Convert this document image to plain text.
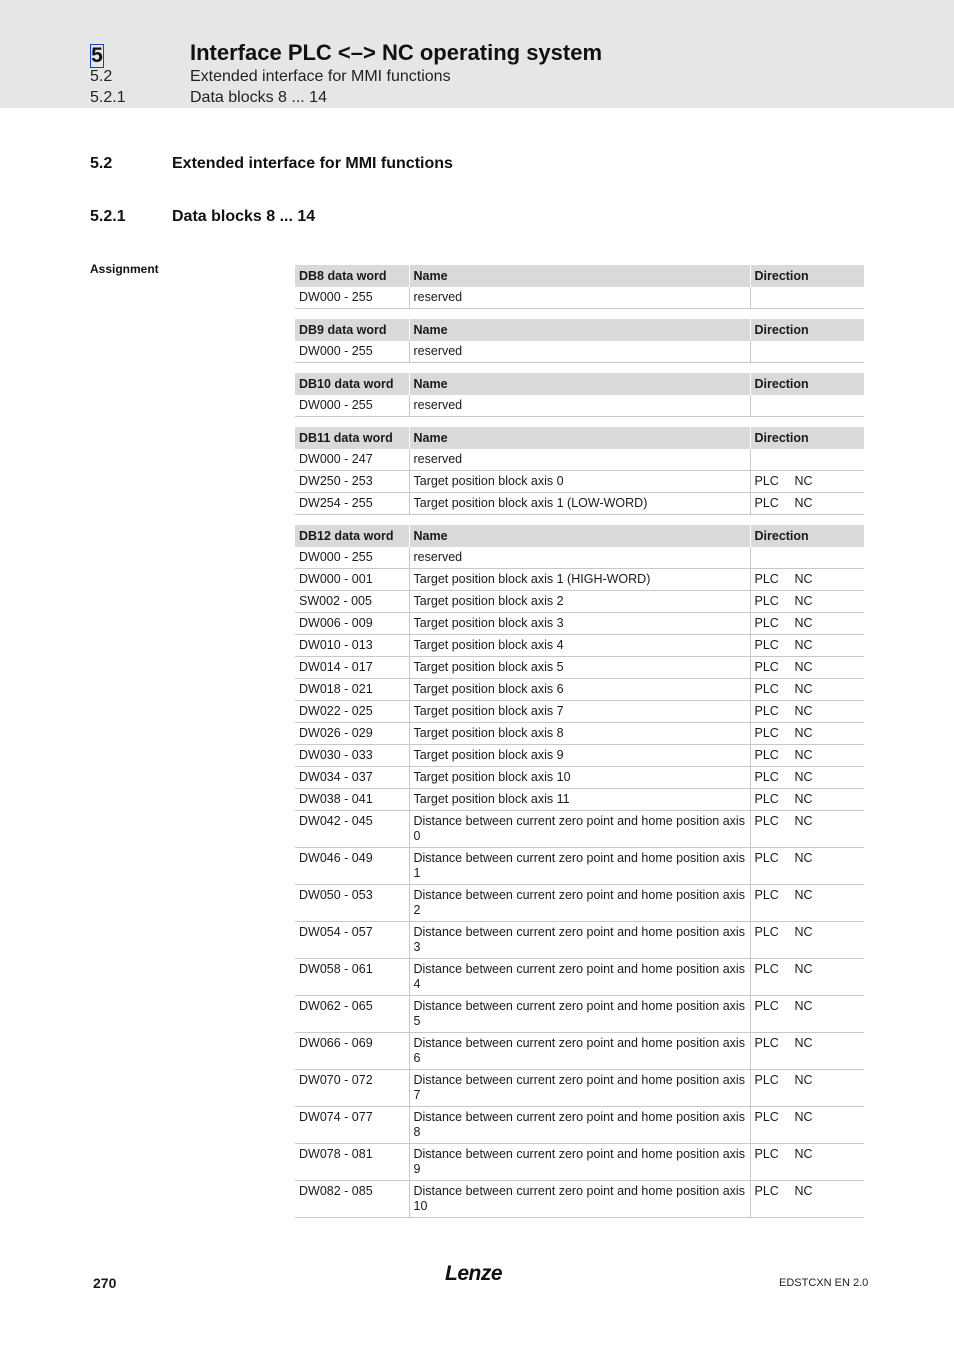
5	Interface PLC <–> NC operating system
5.2	Extended interface for MMI functions
5.2.1	Data blocks 8 ... 14
5.2	Extended interface for MMI functions
5.2.1	Data blocks 8 ... 14
Assignment	DB8 data word	Name	Direction
DW000 - 255	reserved	
DB9 data word	Name	Direction
DW000 - 255	reserved	
DB10 data word	Name	Direction
DW000 - 255	reserved	
DB11 data word	Name	Direction
DW000 - 247	reserved	
DW250 - 253	Target position block axis 0	PLC NC
DW254 - 255	Target position block axis 1 (LOW-WORD)	PLC NC
DB12 data word	Name	Direction
DW000 - 255	reserved	
DW000 - 001	Target position block axis 1 (HIGH-WORD)	PLC NC
SW002 - 005	Target position block axis 2	PLC NC
DW006 - 009	Target position block axis 3	PLC NC
DW010 - 013	Target position block axis 4	PLC NC
DW014 - 017	Target position block axis 5	PLC NC
DW018 - 021	Target position block axis 6	PLC NC
DW022 - 025	Target position block axis 7	PLC NC
DW026 - 029	Target position block axis 8	PLC NC
DW030 - 033	Target position block axis 9	PLC NC
DW034 - 037	Target position block axis 10	PLC NC
DW038 - 041	Target position block axis 11	PLC NC
DW042 - 045	Distance between current zero point and home position axis 0	PLC NC
DW046 - 049	Distance between current zero point and home position axis 1	PLC NC
DW050 - 053	Distance between current zero point and home position axis 2	PLC NC
DW054 - 057	Distance between current zero point and home position axis 3	PLC NC
DW058 - 061	Distance between current zero point and home position axis 4	PLC NC
DW062 - 065	Distance between current zero point and home position axis 5	PLC NC
DW066 - 069	Distance between current zero point and home position axis 6	PLC NC
DW070 - 072	Distance between current zero point and home position axis 7	PLC NC
DW074 - 077	Distance between current zero point and home position axis 8	PLC NC
DW078 - 081	Distance between current zero point and home position axis 9	PLC NC
DW082 - 085	Distance between current zero point and home position axis 10	PLC NC
270	Lenze	EDSTCXN EN 2.0
